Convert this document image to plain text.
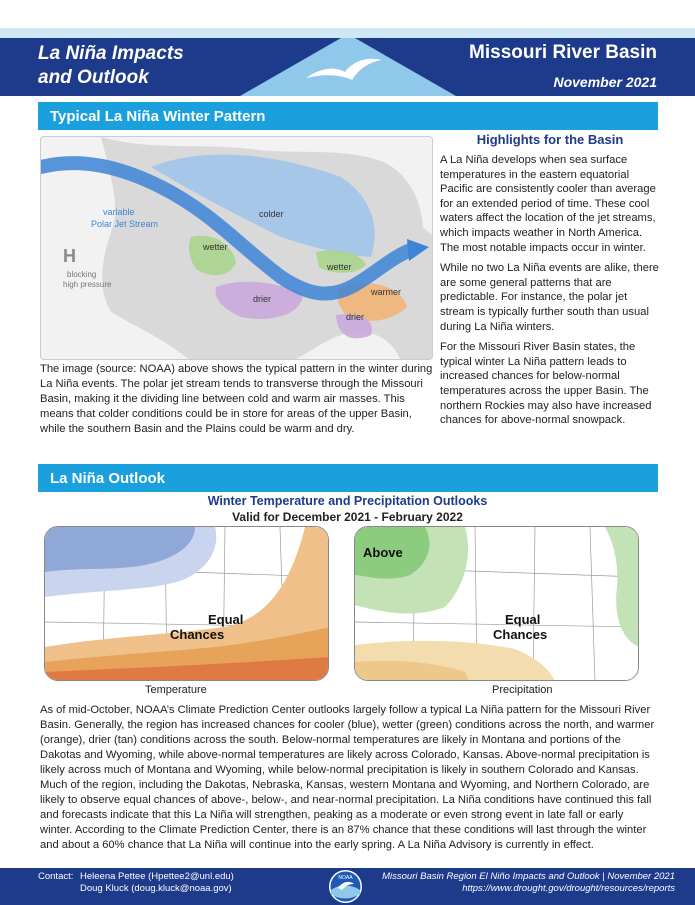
La Niña Impacts
and Outlook
Missouri River Basin
November 2021
Typical La Niña Winter Pattern
variable
Polar Jet Stream
H
blocking
high pressure
colder
wetter
wetter
warmer
drier
drier
The image (source: NOAA) above shows the typical pattern in the winter during La Niña events. The polar jet stream tends to transverse through the Missouri Basin, making it the dividing line between cold and warm air masses. This means that colder conditions could be in store for areas of the upper Basin, while the southern Basin and the Plains could be warm and dry.
Highlights for the Basin

A La Niña develops when sea surface temperatures in the eastern equatorial Pacific are consistently cooler than average for an extended period of time. These cool waters affect the location of the jet streams, which impacts weather in North America. The most notable impacts occur in winter.

While no two La Niña events are alike, there are some general patterns that are predictable. For instance, the polar jet stream is typically further south than usual during La Niña winters.

For the Missouri River Basin states, the typical winter La Niña pattern leads to increased chances for below-normal temperatures across the upper Basin. The northern Rockies may also have increased chances for above-normal snowpack.

La Niña Outlook
Winter Temperature and Precipitation Outlooks
Valid for December 2021 - February 2022
Equal
Chances
Above
Equal
Chances
Temperature	Precipitation
As of mid-October, NOAA’s Climate Prediction Center outlooks largely follow a typical La Niña pattern for the Missouri River Basin. Generally, the region has increased chances for cooler (blue), wetter (green) conditions across the north, and warmer (orange), drier (tan) conditions across the south. Below-normal temperatures are likely in Montana and portions of the Dakotas and Wyoming, while above-normal temperatures are likely across Colorado, Kansas. Above-normal precipitation is likely across much of Montana and Wyoming, while below-normal precipitation is likely in southern Colorado and Kansas. Much of the region, including the Dakotas, Nebraska, Kansas, western Montana and Wyoming, and Northern Colorado, are likely to observe equal chances of above-, below-, and near-normal precipitation. La Niña conditions have continued this fall and forecasts indicate that this La Niña will strengthen, peaking as a moderate or even strong event in late fall or early winter. According to the Climate Prediction Center, there is an 87% chance that these conditions will last through the winter and about a 60% chance that La Niña will continue into the early spring. A La Niña Advisory is currently in effect.
Contact: Heleena Pettee (Hpettee2@unl.edu)
Doug Kluck (doug.kluck@noaa.gov)
NOAA	Missouri Basin Region El Niño Impacts and Outlook | November 2021
https://www.drought.gov/drought/resources/reports
